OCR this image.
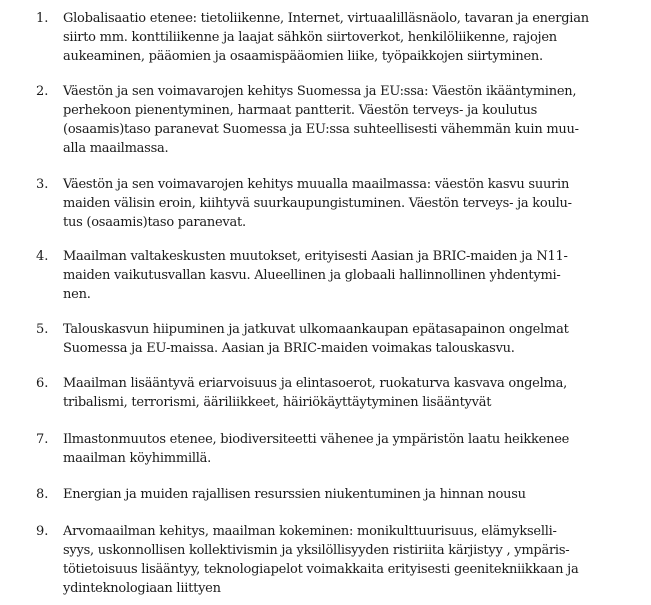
1. Globalisaatio etenee: tietoliikenne, Internet, virtuaalilläsnäolo, tavaran ja energian
siirto mm. konttiliikenne ja laajat sähkön siirtoverkot, henkilöliikenne, rajojen
aukeaminen, pääomien ja osaamispääomien liike, työpaikkojen siirtyminen.
2. Väestön ja sen voimavarojen kehitys Suomessa ja EU:ssa: Väestön ikääntyminen,
perhekoon pienentyminen, harmaat pantterit. Väestön terveys- ja koulutus
(osaamis)taso paranevat Suomessa ja EU:ssa suhteellisesti vähemmän kuin muu-
alla maailmassa.
3. Väestön ja sen voimavarojen kehitys muualla maailmassa: väestön kasvu suurin
maiden välisin eroin, kiihtyvä suurkaupungistuminen. Väestön terveys- ja koulu-
tus (osaamis)taso paranevat.
4. Maailman valtakeskusten muutokset, erityisesti Aasian ja BRIC-maiden ja N11-
maiden vaikutusvallan kasvu. Alueellinen ja globaali hallinnollinen yhdentymi-
nen.
5. Talouskasvun hiipuminen ja jatkuvat ulkomaankaupan epätasapainon ongelmat
Suomessa ja EU-maissa. Aasian ja BRIC-maiden voimakas talouskasvu.
6. Maailman lisääntyvä eriarvoisuus ja elintasoerot, ruokaturva kasvava ongelma,
tribalismi, terrorismi, ääriliikkeet, häiriökäyttäytyminen lisääntyvät
7. Ilmastonmuutos etenee, biodiversiteetti vähenee ja ympäristön laatu heikkenee
maailman köyhimmillä.
8. Energian ja muiden rajallisen resurssien niukentuminen ja hinnan nousu
9. Arvomaailman kehitys, maailman kokeminen: monikulttuurisuus, elämykselli-
syys, uskonnollisen kollektivismin ja yksilöllisyyden ristiriita kärjistyy , ympäris-
tötietoisuus lisääntyy, teknologiapelot voimakkaita erityisesti geenitekniikkaan ja
ydinteknologiaan liittyen
